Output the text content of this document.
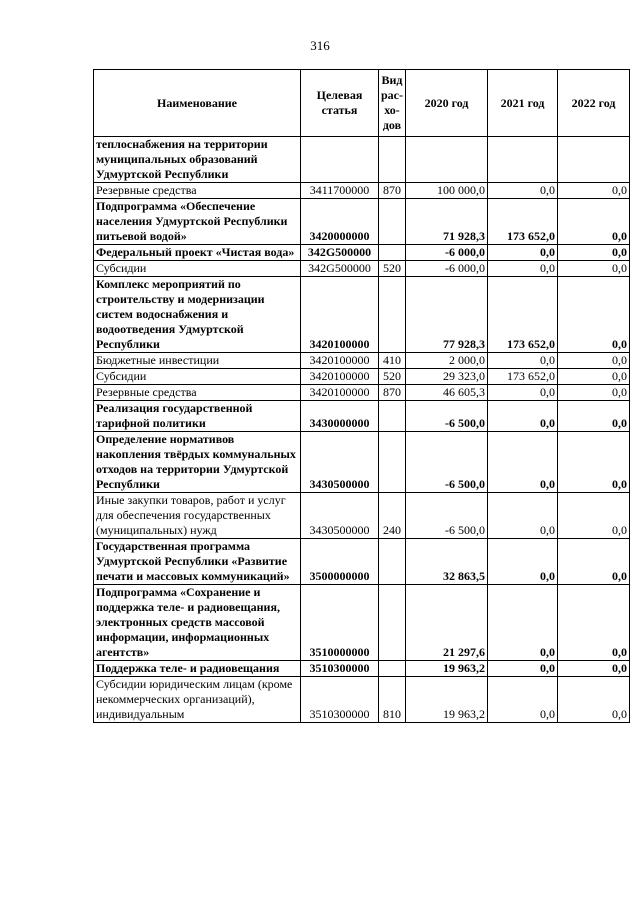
316
Наименование	Целевая статья	Вид рас- хо- дов	2020 год	2021 год	2022 год
теплоснабжения на территории муниципальных образований Удмуртской Республики					
Резервные средства	3411700000	870	100 000,0	0,0	0,0
Подпрограмма «Обеспечение населения Удмуртской Республики питьевой водой»	3420000000		71 928,3	173 652,0	0,0
Федеральный проект «Чистая вода»	342G500000		-6 000,0	0,0	0,0
Субсидии	342G500000	520	-6 000,0	0,0	0,0
Комплекс мероприятий по строительству и модернизации систем водоснабжения и водоотведения Удмуртской Республики	3420100000		77 928,3	173 652,0	0,0
Бюджетные инвестиции	3420100000	410	2 000,0	0,0	0,0
Субсидии	3420100000	520	29 323,0	173 652,0	0,0
Резервные средства	3420100000	870	46 605,3	0,0	0,0
Реализация государственной тарифной политики	3430000000		-6 500,0	0,0	0,0
Определение нормативов накопления твёрдых коммунальных отходов на территории Удмуртской Республики	3430500000		-6 500,0	0,0	0,0
Иные закупки товаров, работ и услуг для обеспечения государственных (муниципальных) нужд	3430500000	240	-6 500,0	0,0	0,0
Государственная программа Удмуртской Республики «Развитие печати и массовых коммуникаций»	3500000000		32 863,5	0,0	0,0
Подпрограмма «Сохранение и поддержка теле- и радиовещания, электронных средств массовой информации, информационных агентств»	3510000000		21 297,6	0,0	0,0
Поддержка теле- и радиовещания	3510300000		19 963,2	0,0	0,0
Субсидии юридическим лицам (кроме некоммерческих организаций), индивидуальным	3510300000	810	19 963,2	0,0	0,0
